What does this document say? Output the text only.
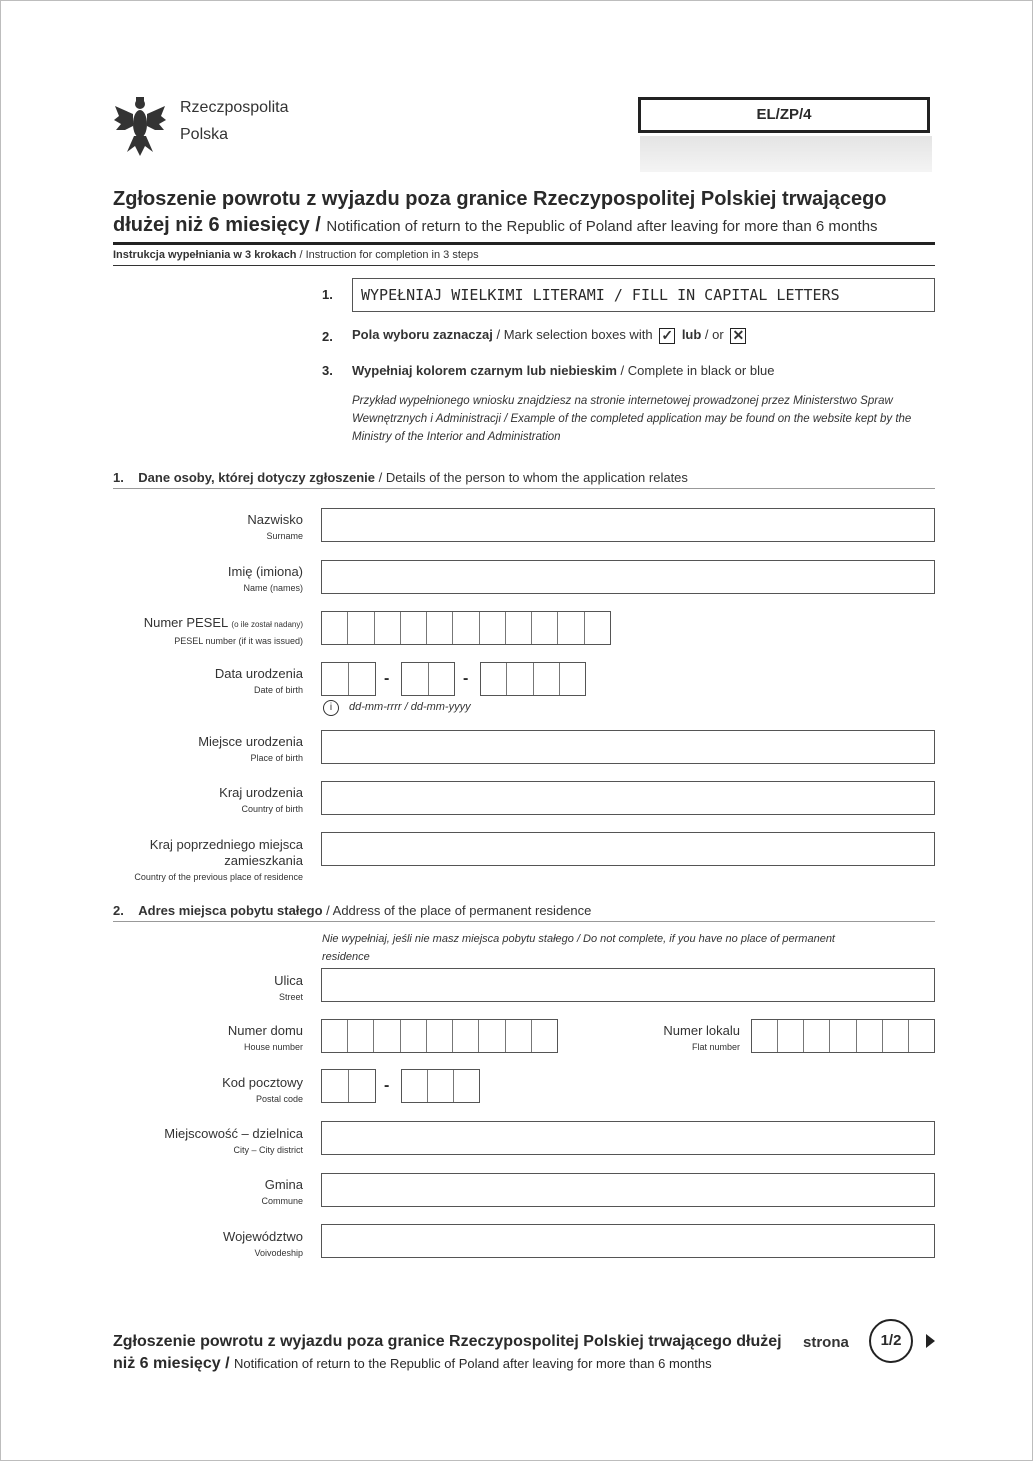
Rzeczpospolita
Polska
EL/ZP/4
Zgłoszenie powrotu z wyjazdu poza granice Rzeczypospolitej Polskiej trwającego dłużej niż 6 miesięcy / Notification of return to the Republic of Poland after leaving for more than 6 months
Instrukcja wypełniania w 3 krokach / Instruction for completion in 3 steps
1.	WYPEŁNIAJ WIELKIMI LITERAMI / FILL IN CAPITAL LETTERS
2. Pola wyboru zaznaczaj / Mark selection boxes with ✓ lub / or ✕
3. Wypełniaj kolorem czarnym lub niebieskim / Complete in black or blue
Przykład wypełnionego wniosku znajdziesz na stronie internetowej prowadzonej przez Ministerstwo Spraw Wewnętrznych i Administracji / Example of the completed application may be found on the website kept by the Ministry of the Interior and Administration
1. Dane osoby, której dotyczy zgłoszenie / Details of the person to whom the application relates
Nazwisko
Surname
Imię (imiona)
Name (names)
Numer PESEL (o ile został nadany)
PESEL number (if it was issued)
Data urodzenia
Date of birth
-	-
i dd-mm-rrrr / dd-mm-yyyy
Miejsce urodzenia
Place of birth
Kraj urodzenia
Country of birth
Kraj poprzedniego miejsca zamieszkania
Country of the previous place of residence
2. Adres miejsca pobytu stałego / Address of the place of permanent residence
Nie wypełniaj, jeśli nie masz miejsca pobytu stałego / Do not complete, if you have no place of permanent residence
Ulica
Street
Numer domu
House number
Numer lokalu
Flat number
Kod pocztowy
Postal code
-
Miejscowość – dzielnica
City – City district
Gmina
Commune
Województwo
Voivodeship
Zgłoszenie powrotu z wyjazdu poza granice Rzeczypospolitej Polskiej trwającego dłużej niż 6 miesięcy / Notification of return to the Republic of Poland after leaving for more than 6 months
strona	1/2
